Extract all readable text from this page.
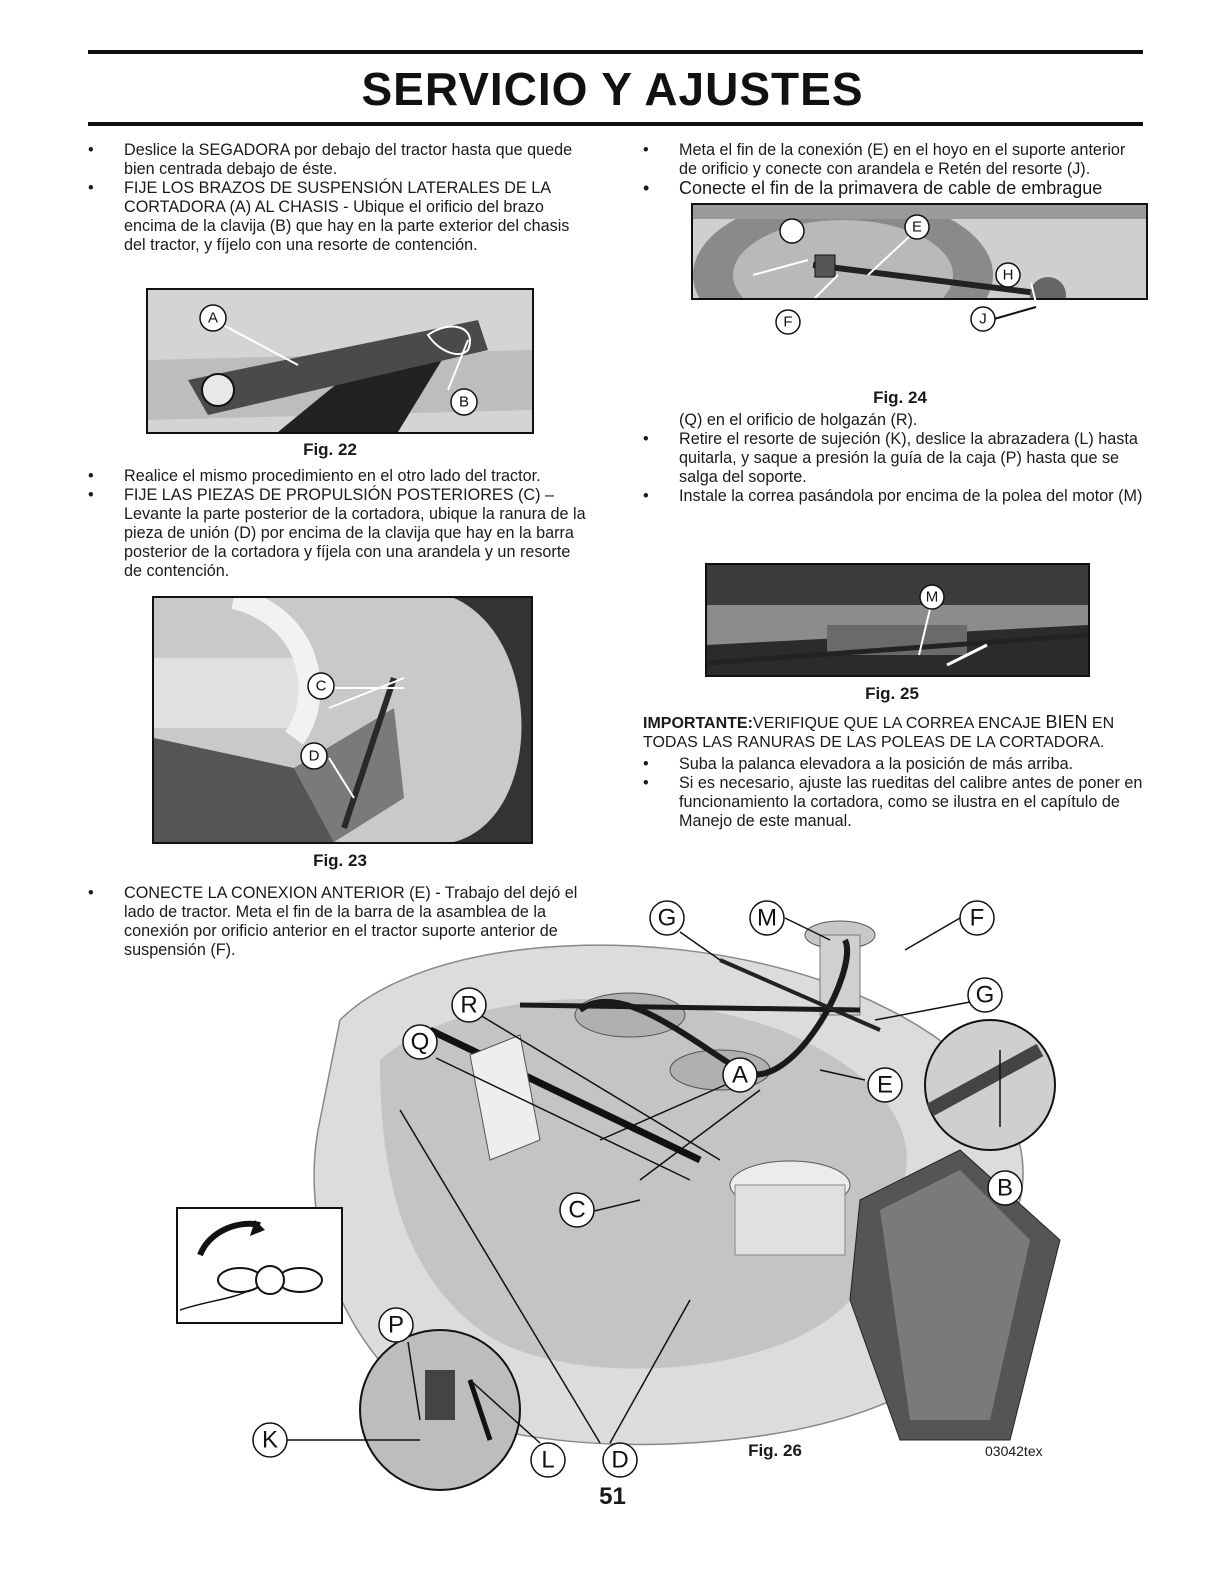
SERVICIO Y AJUSTES

• Deslice la SEGADORA por debajo del tractor hasta que quede bien centrada debajo de éste.

• FIJE LOS BRAZOS DE SUSPENSIÓN LATERALES DE LA CORTADORA (A) AL CHASIS - Ubique el orificio del brazo encima de la clavija (B) que hay en la parte exterior del chasis del tractor, y fíjelo con una resorte de contención.

A
B
Fig. 22

• Realice el mismo procedimiento en el otro lado del tractor.

• FIJE LAS PIEZAS DE PROPULSIÓN POSTERIORES (C) – Levante la parte posterior de la cortadora, ubique la ranura de la pieza de unión (D) por encima de la clavija que hay en la barra posterior de la cortadora y fíjela con una arandela y un resorte de contención.

C
D
Fig. 23

• CONECTE LA CONEXION ANTERIOR (E) - Trabajo del dejó el lado de tractor. Meta el fin de la barra de la asamblea de la conexión por orificio anterior en el tractor suporte anterior de suspensión (F).

• Meta el fin de la conexión (E) en el hoyo en el suporte anterior de orificio y conecte con arandela e Retén del resorte (J).

• Conecte el fin de la primavera de cable de embrague

E
F	J
H
Fig. 24

(Q) en el orificio de holgazán (R).

• Retire el resorte de sujeción (K), deslice la abrazadera (L) hasta quitarla, y saque a presión la guía de la caja (P) hasta que se salga del soporte.

• Instale la correa pasándola por encima de la polea del motor (M)

M
Fig. 25
IMPORTANTE:VERIFIQUE QUE LA CORREA ENCAJE BIEN EN
TODAS LAS RANURAS DE LAS POLEAS DE LA CORTADORA.

• Suba la palanca elevadora a la posición de más arriba.

• Si es necesario, ajuste las rueditas del calibre antes de poner en funcionamiento la cortadora, como se ilustra en el capítulo de Manejo de este manual.

G	M	F
G
R
Q
A	E
B
P
C
K
L D	Fig. 26	03042tex
51
